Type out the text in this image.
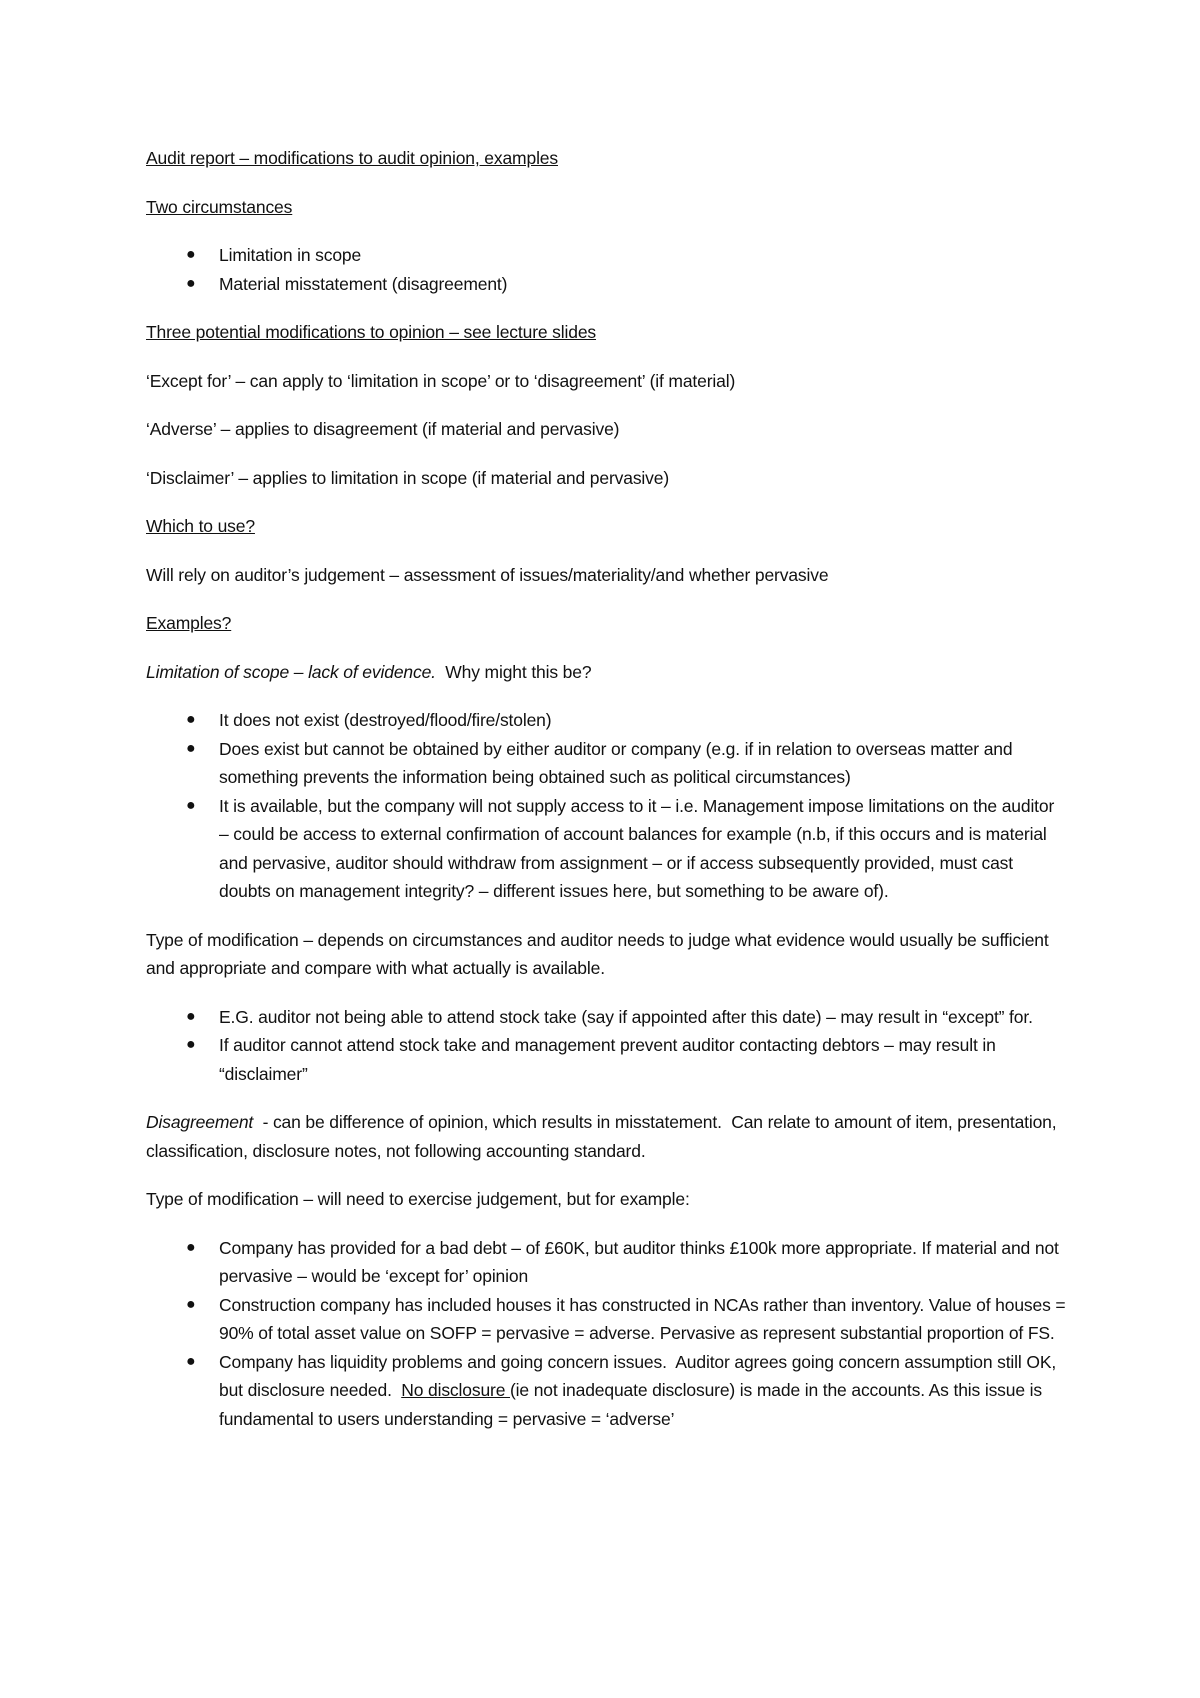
Audit report – modifications to audit opinion, examples

Two circumstances

● Limitation in scope
● Material misstatement (disagreement)

Three potential modifications to opinion – see lecture slides

‘Except for’ – can apply to ‘limitation in scope’ or to ‘disagreement’ (if material)

‘Adverse’ – applies to disagreement (if material and pervasive)

‘Disclaimer’ – applies to limitation in scope (if material and pervasive)

Which to use?

Will rely on auditor’s judgement – assessment of issues/materiality/and whether pervasive

Examples?

Limitation of scope – lack of evidence.  Why might this be?

● It does not exist (destroyed/flood/fire/stolen)
● Does exist but cannot be obtained by either auditor or company (e.g. if in relation to overseas matter and something prevents the information being obtained such as political circumstances)
● It is available, but the company will not supply access to it – i.e. Management impose limitations on the auditor – could be access to external confirmation of account balances for example (n.b, if this occurs and is material and pervasive, auditor should withdraw from assignment – or if access subsequently provided, must cast doubts on management integrity? – different issues here, but something to be aware of).

Type of modification – depends on circumstances and auditor needs to judge what evidence would usually be sufficient and appropriate and compare with what actually is available.

● E.G. auditor not being able to attend stock take (say if appointed after this date) – may result in “except” for.
● If auditor cannot attend stock take and management prevent auditor contacting debtors – may result in “disclaimer”

Disagreement  - can be difference of opinion, which results in misstatement.  Can relate to amount of item, presentation, classification, disclosure notes, not following accounting standard.

Type of modification – will need to exercise judgement, but for example:

● Company has provided for a bad debt – of £60K, but auditor thinks £100k more appropriate. If material and not pervasive – would be ‘except for’ opinion
● Construction company has included houses it has constructed in NCAs rather than inventory. Value of houses = 90% of total asset value on SOFP = pervasive = adverse. Pervasive as represent substantial proportion of FS.
● Company has liquidity problems and going concern issues.  Auditor agrees going concern assumption still OK, but disclosure needed.  No disclosure (ie not inadequate disclosure) is made in the accounts. As this issue is fundamental to users understanding = pervasive = ‘adverse’
